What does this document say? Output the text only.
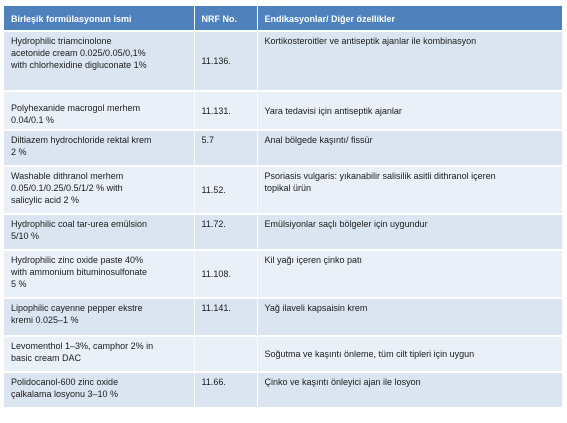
Birleşik formülasyonun ismi	NRF No.	Endikasyonlar/ Diğer özellikler
Hydrophilic triamcinolone
acetonide cream 0.025/0.05/0,1%
with chlorhexidine digluconate 1%	11.136.	Kortikosteroitler ve antiseptik ajanlar ile kombinasyon
Polyhexanide macrogol merhem
0.04/0.1 %	11.131.	Yara tedavisi için antiseptik ajanlar
Diltiazem hydrochloride rektal krem
2 %	5.7	Anal bölgede kaşıntı/ fissür
Washable dithranol merhem
0.05/0.1/0.25/0.5/1/2 % with
salicylic acid 2 %	11.52.	Psoriasis vulgaris: yıkanabilir salisilik asitli dithranol içeren
topikal ürün
Hydrophilic coal tar-urea emülsion
5/10 %	11.72.	Emülsiyonlar saçlı bölgeler için uygundur
Hydrophilic zinc oxide paste 40%
with ammonium bituminosulfonate
5 %	11.108.	Kil yağı içeren çinko patı
Lipophilic cayenne pepper ekstre
kremi 0.025–1 %	11.141.	Yağ ilaveli kapsaisin krem
Levomenthol 1–3%, camphor 2% in
basic cream DAC		Soğutma ve kaşıntı önleme, tüm cilt tipleri için uygun
Polidocanol-600 zinc oxide
çalkalama losyonu 3–10 %	11.66.	Çinko ve kaşıntı önleyici ajan ile losyon
